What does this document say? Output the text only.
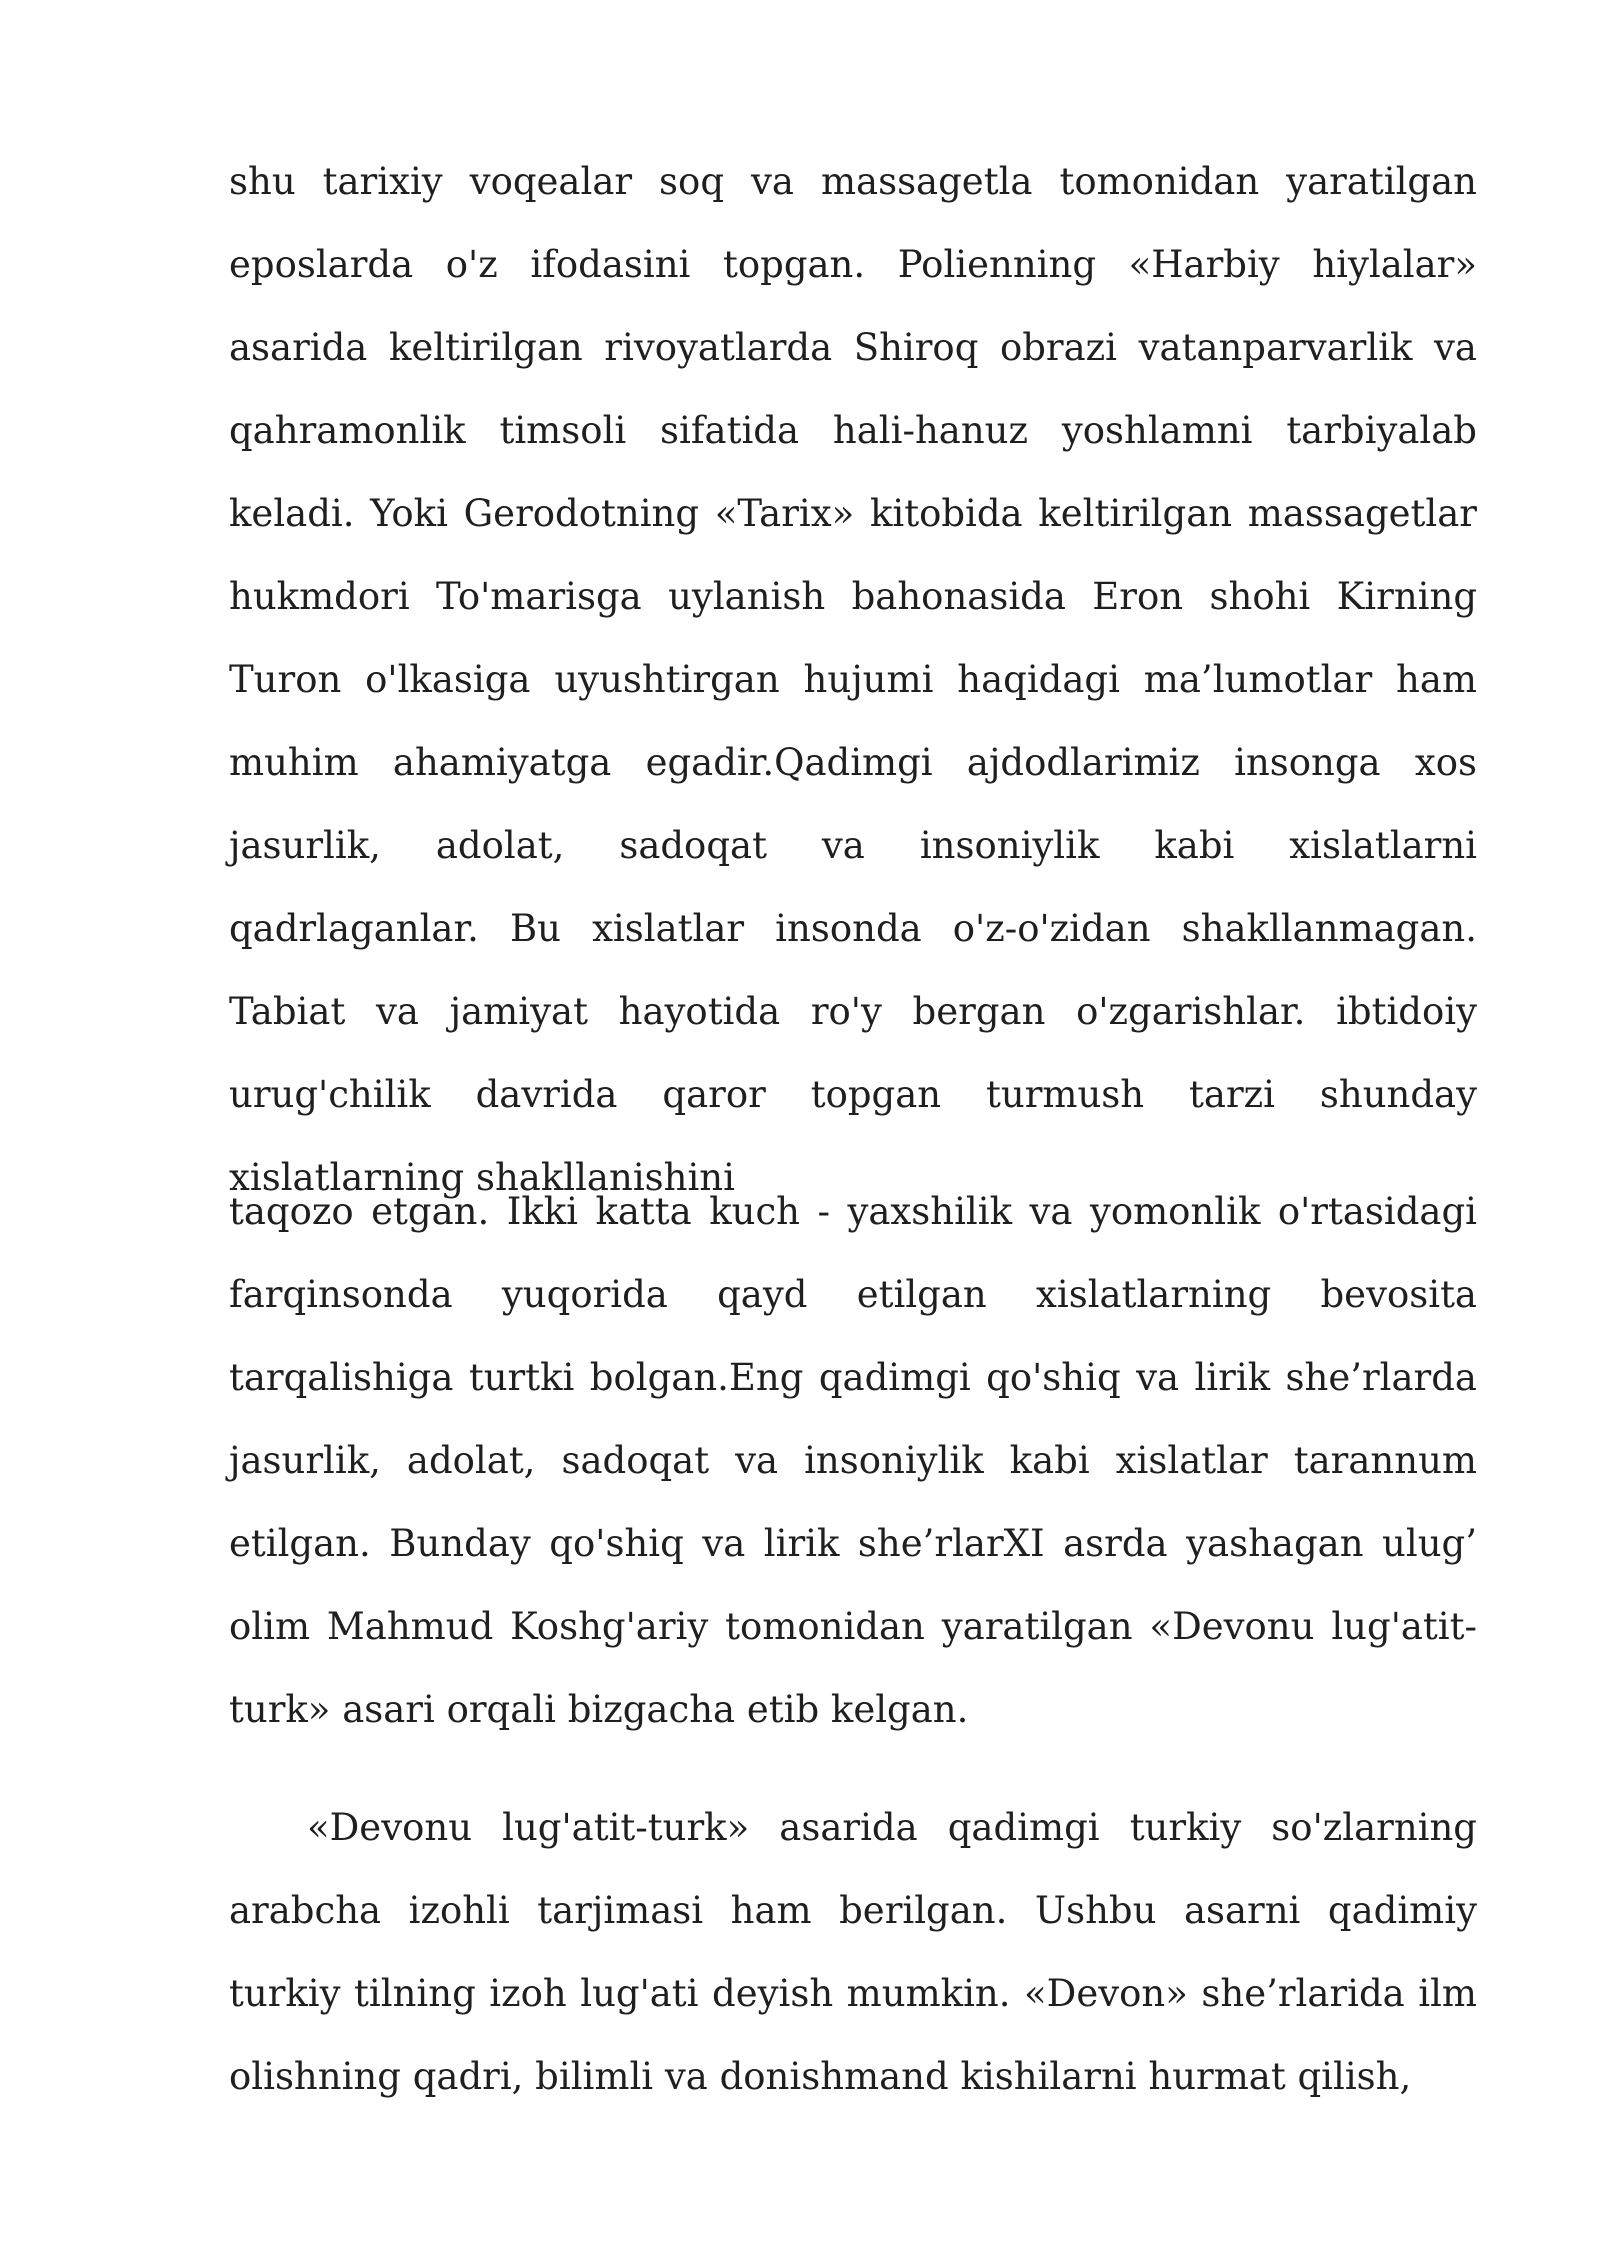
shu tarixiy voqealar soq va massagetla tomonidan yaratilgan eposlarda o'z ifodasini topgan. Polienning «Harbiy hiylalar» asarida keltirilgan rivoyatlarda Shiroq obrazi vatanparvarlik va qahramonlik timsoli sifatida hali-hanuz yoshlamni tarbiyalab keladi. Yoki Gerodotning «Tarix» kitobida keltirilgan massagetlar hukmdori To'marisga uylanish bahonasida Eron shohi Kirning Turon o'lkasiga uyushtirgan hujumi haqidagi ma’lumotlar ham muhim ahamiyatga egadir.Qadimgi ajdodlarimiz insonga xos jasurlik, adolat, sadoqat va insoniylik kabi xislatlarni qadrlaganlar. Bu xislatlar insonda o'z-o'zidan shakllanmagan. Tabiat va jamiyat hayotida ro'y bergan o'zgarishlar. ibtidoiy urug'chilik davrida qaror topgan turmush tarzi shunday xislatlarning shakllanishini

taqozo etgan. Ikki katta kuch - yaxshilik va yomonlik o'rtasidagi farqinsonda yuqorida qayd etilgan xislatlarning bevosita tarqalishiga turtki bolgan.Eng qadimgi qo'shiq va lirik she’rlarda jasurlik, adolat, sadoqat va insoniylik kabi xislatlar tarannum etilgan. Bunday qo'shiq va lirik she’rlarXI asrda yashagan ulug’ olim Mahmud Koshg'ariy tomonidan yaratilgan «Devonu lug'atit-turk» asari orqali bizgacha etib kelgan.

«Devonu lug'atit-turk» asarida qadimgi turkiy so'zlarning arabcha izohli tarjimasi ham berilgan. Ushbu asarni qadimiy turkiy tilning izoh lug'ati deyish mumkin. «Devon» she’rlarida ilm olishning qadri, bilimli va donishmand kishilarni hurmat qilish,
